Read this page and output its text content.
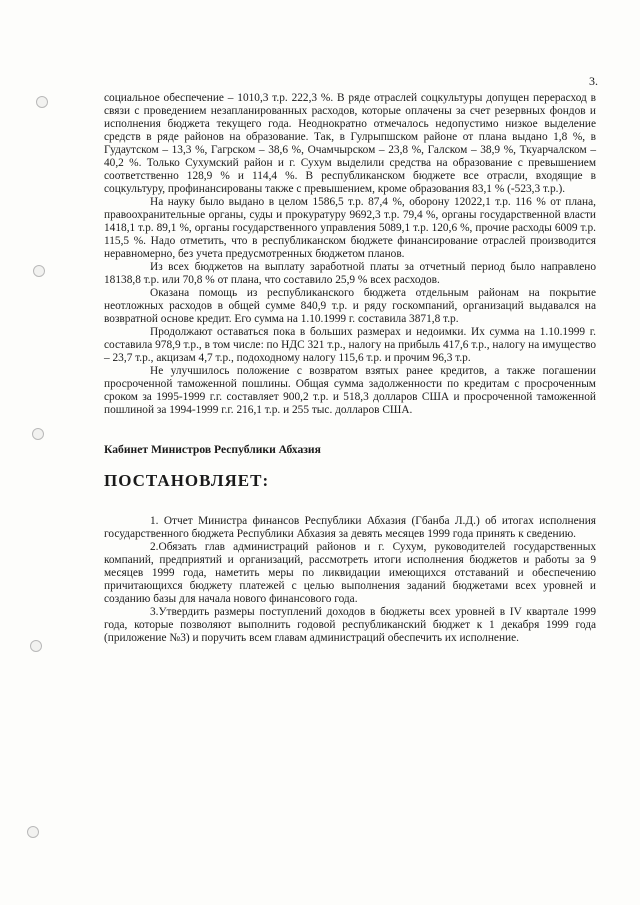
3.

социальное обеспечение – 1010,3 т.р. 222,3 %. В ряде отраслей соцкультуры допущен перерасход в связи с проведением незапланированных расходов, которые оплачены за счет резервных фондов и исполнения бюджета текущего года. Неоднократно отмечалось недопустимо низкое выделение средств в ряде районов на образование. Так, в Гулрыпшском районе от плана выдано 1,8 %, в Гудаутском – 13,3 %, Гагрском – 38,6 %, Очамчырском – 23,8 %, Галском – 38,9 %, Ткуарчалском – 40,2 %. Только Сухумский район и г. Сухум выделили средства на образование с превышением соответственно 128,9 % и 114,4 %. В республиканском бюджете все отрасли, входящие в соцкультуру, профинансированы также с превышением, кроме образования 83,1 % (-523,3 т.р.).

На науку было выдано в целом 1586,5 т.р. 87,4 %, оборону 12022,1 т.р. 116 % от плана, правоохранительные органы, суды и прокуратуру 9692,3 т.р. 79,4 %, органы государственной власти 1418,1 т.р. 89,1 %, органы государственного управления 5089,1 т.р. 120,6 %, прочие расходы 6009 т.р. 115,5 %. Надо отметить, что в республиканском бюджете финансирование отраслей производится неравномерно, без учета предусмотренных бюджетом планов.

Из всех бюджетов на выплату заработной платы за отчетный период было направлено 18138,8 т.р. или 70,8 % от плана, что составило 25,9 % всех расходов.

Оказана помощь из республиканского бюджета отдельным районам на покрытие неотложных расходов в общей сумме 840,9 т.р. и ряду госкомпаний, организаций выдавался на возвратной основе кредит. Его сумма на 1.10.1999 г. составила 3871,8 т.р.

Продолжают оставаться пока в больших размерах и недоимки. Их сумма на 1.10.1999 г. составила 978,9 т.р., в том числе: по НДС 321 т.р., налогу на прибыль 417,6 т.р., налогу на имущество – 23,7 т.р., акцизам 4,7 т.р., подоходному налогу 115,6 т.р. и прочим 96,3 т.р.

Не улучшилось положение с возвратом взятых ранее кредитов, а также погашении просроченной таможенной пошлины. Общая сумма задолженности по кредитам с просроченным сроком за 1995-1999 г.г. составляет 900,2 т.р. и 518,3 долларов США и просроченной таможенной пошлиной за 1994-1999 г.г. 216,1 т.р. и 255 тыс. долларов США.

Кабинет Министров Республики Абхазия

ПОСТАНОВЛЯЕТ:

1. Отчет Министра финансов Республики Абхазия (Гбанба Л.Д.) об итогах исполнения государственного бюджета Республики Абхазия за девять месяцев 1999 года принять к сведению.

2.Обязать глав администраций районов и г. Сухум, руководителей государственных компаний, предприятий и организаций, рассмотреть итоги исполнения бюджетов и работы за 9 месяцев 1999 года, наметить меры по ликвидации имеющихся отставаний и обеспечению причитающихся бюджету платежей с целью выполнения заданий бюджетами всех уровней и созданию базы для начала нового финансового года.

3.Утвердить размеры поступлений доходов в бюджеты всех уровней в IV квартале 1999 года, которые позволяют выполнить годовой республиканский бюджет к 1 декабря 1999 года (приложение №3) и поручить всем главам администраций обеспечить их исполнение.
